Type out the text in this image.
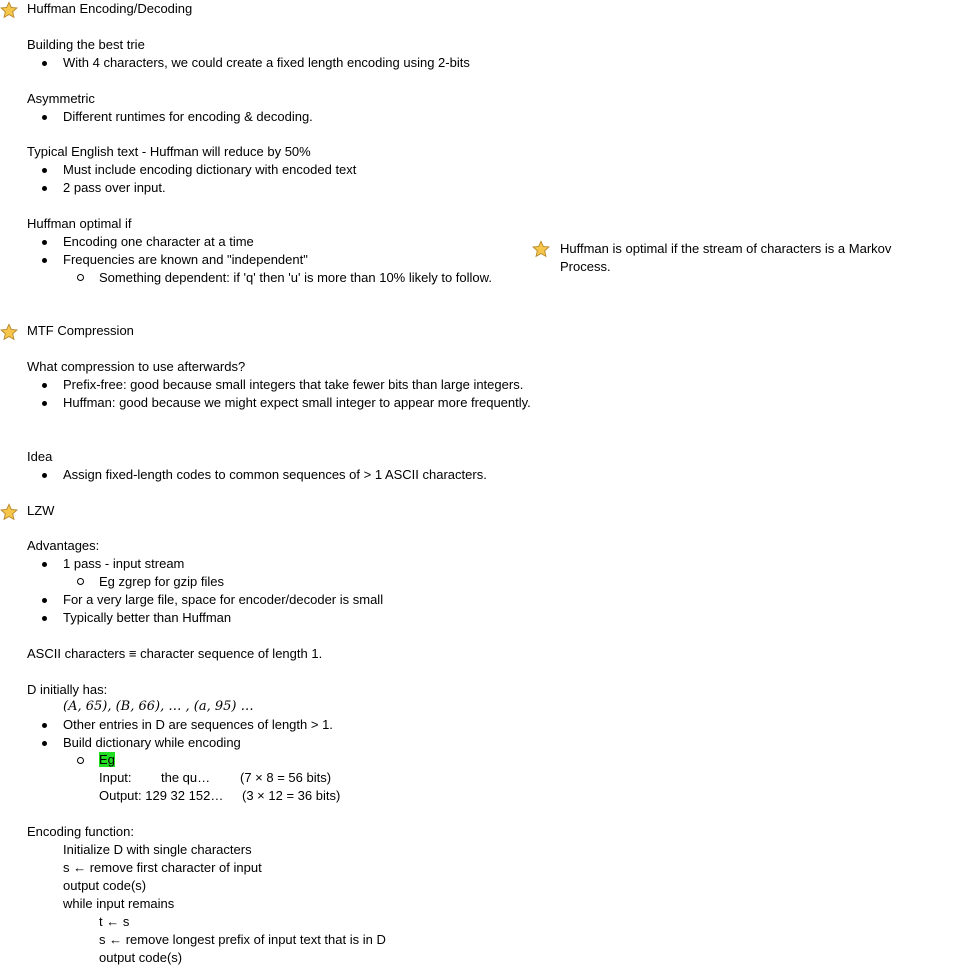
Huffman Encoding/Decoding
Building the best trie
With 4 characters, we could create a fixed length encoding using 2-bits
Asymmetric
Different runtimes for encoding & decoding.
Typical English text - Huffman will reduce by 50%
Must include encoding dictionary with encoded text
2 pass over input.
Huffman optimal if
Encoding one character at a time
Frequencies are known and "independent"
Something dependent: if 'q' then 'u' is more than 10% likely to follow.
Huffman is optimal if the stream of characters is a Markov Process.
MTF Compression
What compression to use afterwards?
Prefix-free: good because small integers that take fewer bits than large integers.
Huffman: good because we might expect small integer to appear more frequently.
Idea
Assign fixed-length codes to common sequences of > 1 ASCII characters.
LZW
Advantages:
1 pass - input stream
Eg zgrep for gzip files
For a very large file, space for encoder/decoder is small
Typically better than Huffman
ASCII characters ≡ character sequence of length 1.
D initially has:
(A, 65), (B, 66), … , (a, 95) …
Other entries in D are sequences of length > 1.
Build dictionary while encoding
Eg
Input: the qu… (7 × 8 = 56 bits)
Output: 129 32 152… (3 × 12 = 36 bits)
Encoding function:
Initialize D with single characters
s ← remove first character of input
output code(s)
while input remains
t ← s
s ← remove longest prefix of input text that is in D
output code(s)
